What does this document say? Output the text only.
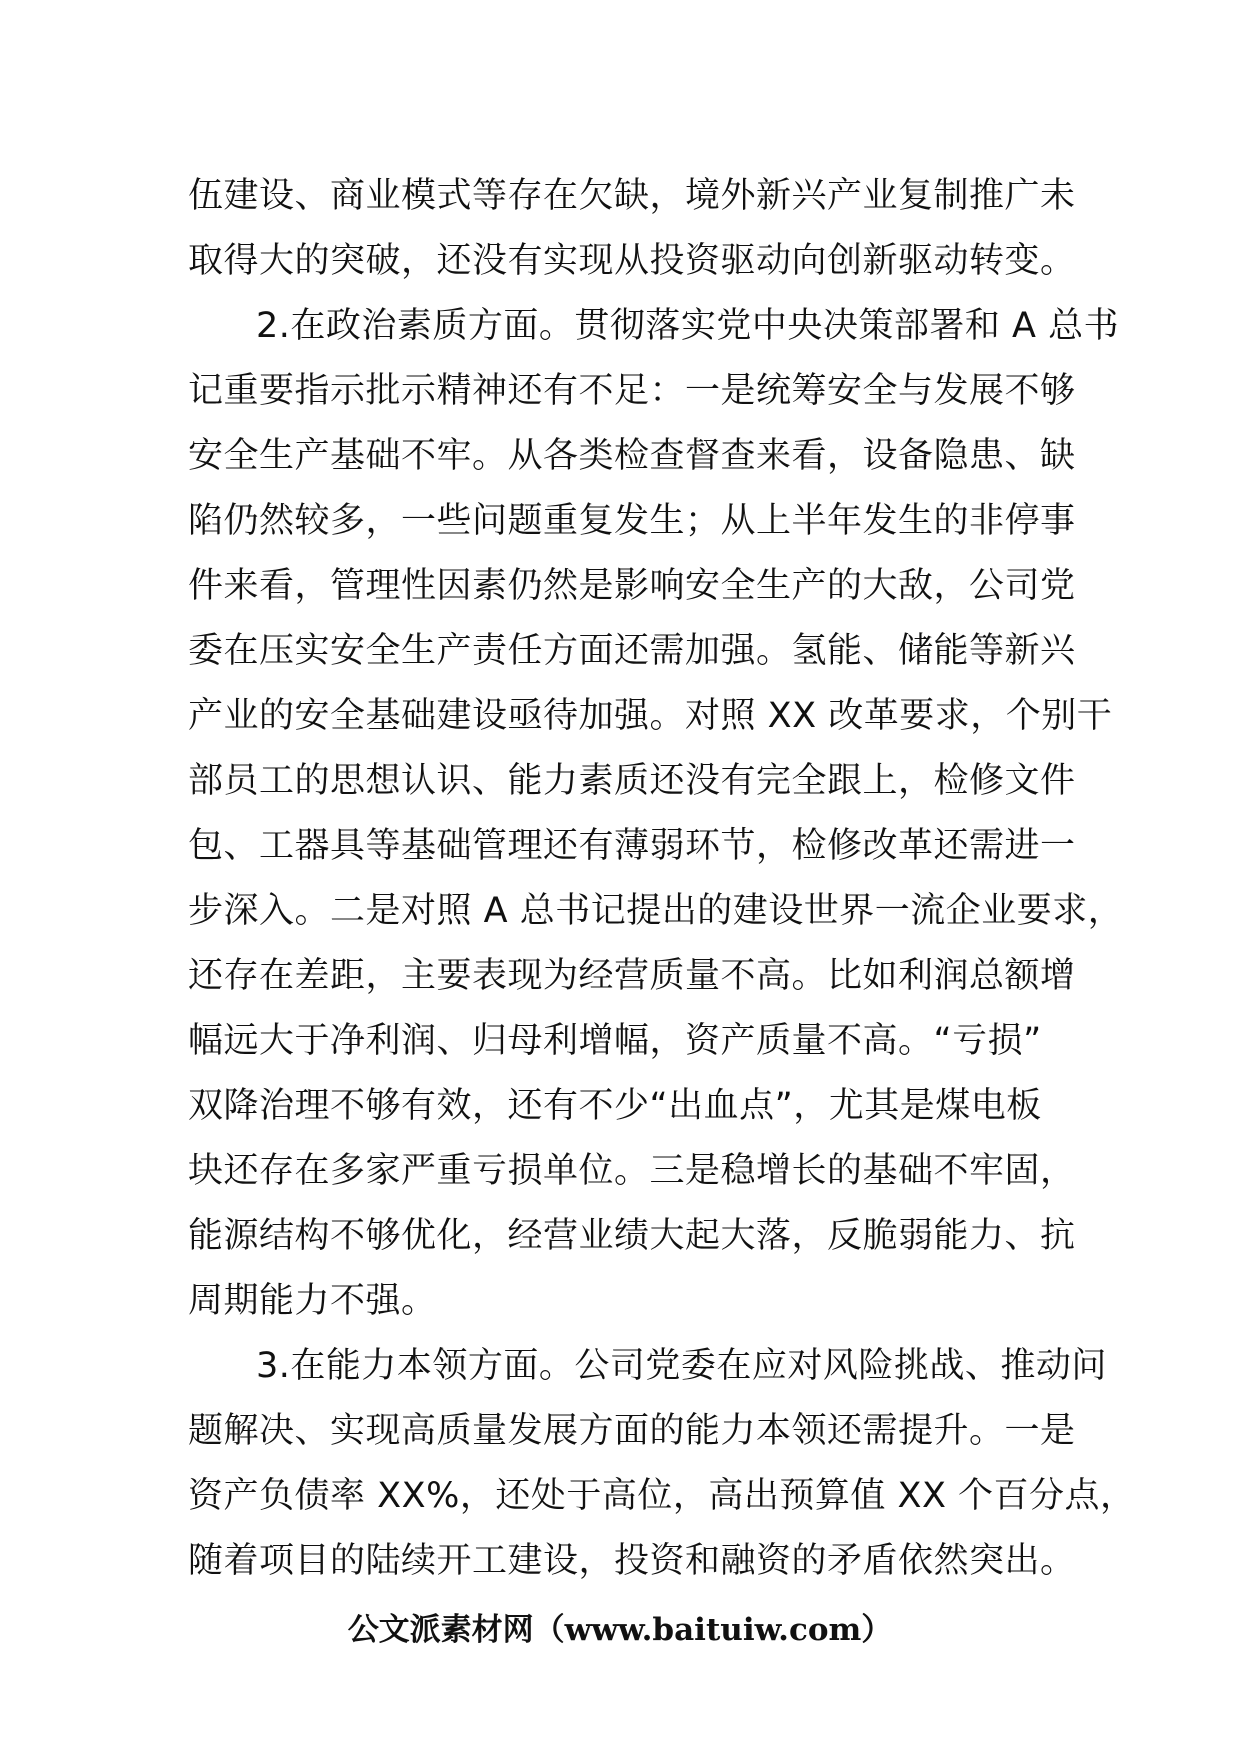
伍建设、商业模式等存在欠缺，境外新兴产业复制推广未
取得大的突破，还没有实现从投资驱动向创新驱动转变。
2.在政治素质方面。贯彻落实党中央决策部署和 A 总书
记重要指示批示精神还有不足：一是统筹安全与发展不够
安全生产基础不牢。从各类检查督查来看，设备隐患、缺
陷仍然较多，一些问题重复发生；从上半年发生的非停事
件来看，管理性因素仍然是影响安全生产的大敌，公司党
委在压实安全生产责任方面还需加强。氢能、储能等新兴
产业的安全基础建设亟待加强。对照 XX 改革要求，个别干
部员工的思想认识、能力素质还没有完全跟上，检修文件
包、工器具等基础管理还有薄弱环节，检修改革还需进一
步深入。二是对照 A 总书记提出的建设世界一流企业要求，
还存在差距，主要表现为经营质量不高。比如利润总额增
幅远大于净利润、归母利增幅，资产质量不高。“亏损”
双降治理不够有效，还有不少“出血点”，尤其是煤电板
块还存在多家严重亏损单位。三是稳增长的基础不牢固，
能源结构不够优化，经营业绩大起大落，反脆弱能力、抗
周期能力不强。
3.在能力本领方面。公司党委在应对风险挑战、推动问
题解决、实现高质量发展方面的能力本领还需提升。一是
资产负债率 XX%，还处于高位，高出预算值 XX 个百分点，
随着项目的陆续开工建设，投资和融资的矛盾依然突出。
公文派素材网（www.baituiw.com）
